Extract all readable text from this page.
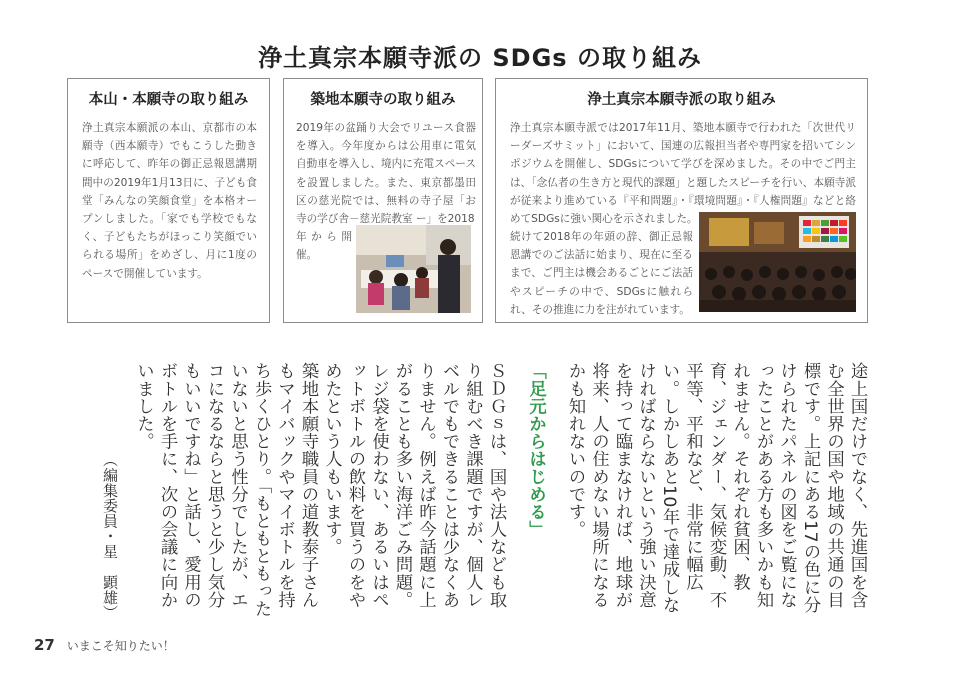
浄土真宗本願寺派の SDGs の取り組み
本山・本願寺の取り組み
浄土真宗本願派の本山、京都市の本願寺（西本願寺）でもこうした動きに呼応して、昨年の御正忌報恩講期間中の2019年1月13日に、子ども食堂「みんなの笑顔食堂」を本格オープンしました。「家でも学校でもなく、子どもたちがほっこり笑顔でいられる場所」をめざし、月に1度のペースで開催しています。
築地本願寺の取り組み
2019年の盆踊り大会でリユース食器を導入。今年度からは公用車に電気自動車を導入し、境内に充電スペースを設置しました。また、東京都墨田区の慈光院では、無料の寺子屋「お寺の学び舎－慈光院教室 ー」を2018
年から開催。
浄土真宗本願寺派の取り組み
浄土真宗本願寺派では2017年11月、築地本願寺で行われた「次世代リーダーズサミット」において、国連の広報担当者や専門家を招いてシンポジウムを開催し、SDGsについて学びを深めました。その中でご門主は、「念仏者の生き方と現代的課題」と題したスピーチを行い、本願寺派が従来より進めている『平和問題』・『環境問題』・『人権問題』などと絡めてSDGsに強い関心を示されました。
続けて2018年の年頭の辞、御正忌報恩講でのご法話に始まり、現在に至るまで、ご門主は機会あるごとにご法話やスピーチの中で、SDGsに触れられ、その推進に力を注がれています。

途上国だけでなく、先進国を含む全世界の国や地域の共通の目標です。上記にある17の色に分けられたパネルの図をご覧になったことがある方も多いかも知れません。それぞれ貧困、教育、ジェンダー、気候変動、不平等、平和など、非常に幅広い。しかしあと10年で達成しなければならないという強い決意を持って臨まなければ、地球が将来、人の住めない場所になるかも知れないのです。

「足元からはじめる」

ＳＤＧｓは、国や法人なども取り組むべき課題ですが、個人レベルでもできることは少なくありません。例えば昨今話題に上がることも多い海洋ごみ問題。レジ袋を使わない、あるいはペットボトルの飲料を買うのをやめたという人もいます。

築地本願寺職員の道教泰子さんもマイバックやマイボトルを持ち歩くひとり。「もともともったいないと思う性分でしたが、エコになるならと思うと少し気分もいいですね」と話し、愛用のボトルを手に、次の会議に向かいました。

（編集委員・星　顕雄）

27 いまこそ知りたい！
